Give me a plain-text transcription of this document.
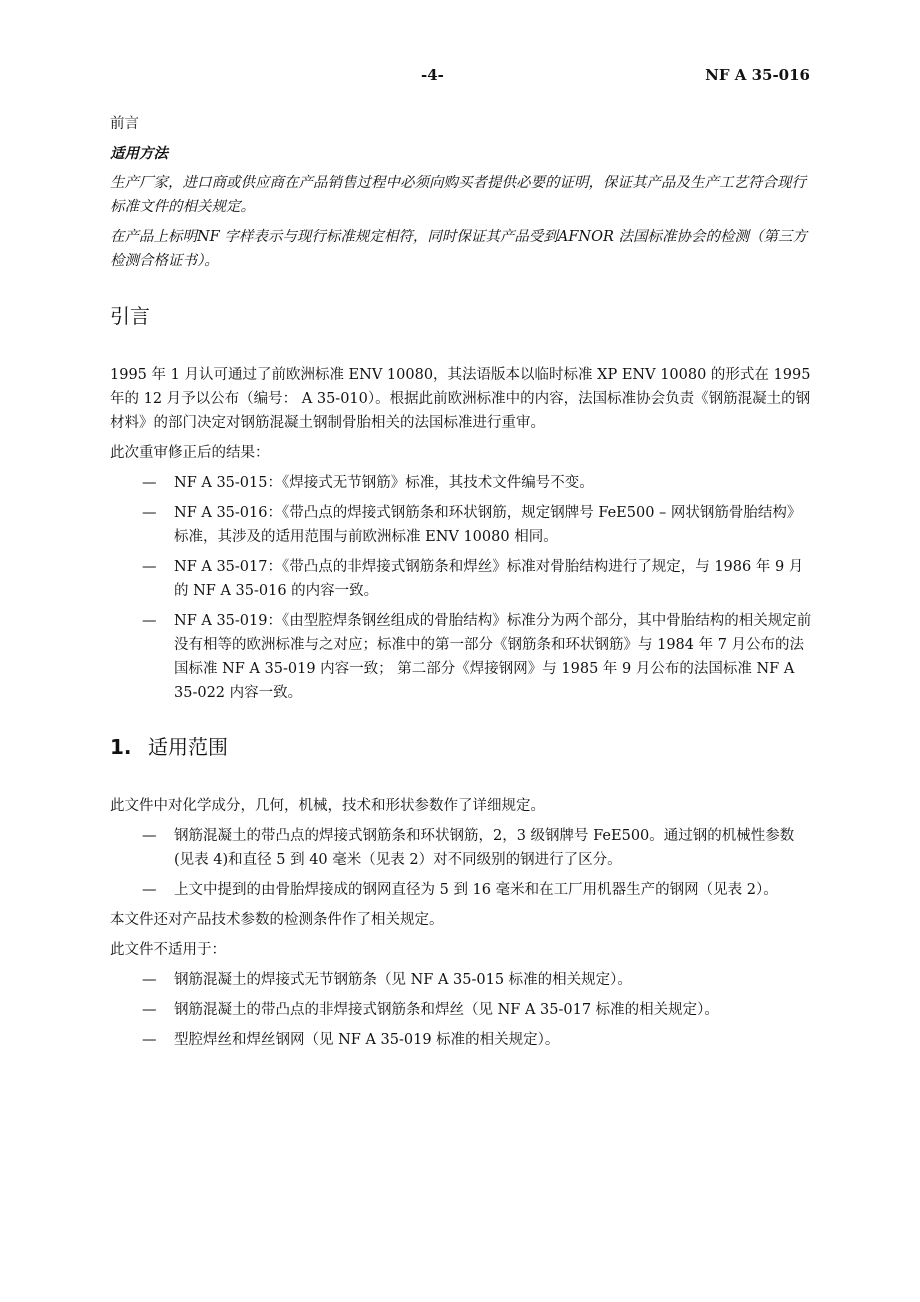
-4-	NF A 35-016

前言

适用方法

生产厂家，进口商或供应商在产品销售过程中必须向购买者提供必要的证明，保证其产品及生产工艺符合现行标准文件的相关规定。

在产品上标明NF 字样表示与现行标准规定相符，同时保证其产品受到AFNOR 法国标准协会的检测（第三方检测合格证书）。

引言

1995 年 1 月认可通过了前欧洲标准 ENV 10080，其法语版本以临时标准 XP ENV 10080 的形式在 1995 年的 12 月予以公布（编号： A 35-010）。根据此前欧洲标准中的内容，法国标准协会负责《钢筋混凝土的钢材料》的部门决定对钢筋混凝土钢制骨胎相关的法国标准进行重审。

此次重审修正后的结果：

— NF A 35-015：《焊接式无节钢筋》标准，其技术文件编号不变。
— NF A 35-016：《带凸点的焊接式钢筋条和环状钢筋，规定钢牌号 FeE500 – 网状钢筋骨胎结构》标准，其涉及的适用范围与前欧洲标准 ENV 10080 相同。
— NF A 35-017：《带凸点的非焊接式钢筋条和焊丝》标准对骨胎结构进行了规定，与 1986 年 9 月的 NF A 35-016 的内容一致。
— NF A 35-019：《由型腔焊条钢丝组成的骨胎结构》标准分为两个部分，其中骨胎结构的相关规定前没有相等的欧洲标准与之对应；标准中的第一部分《钢筋条和环状钢筋》与 1984 年 7 月公布的法国标准 NF A 35-019 内容一致； 第二部分《焊接钢网》与 1985 年 9 月公布的法国标准 NF A 35-022 内容一致。
1. 适用范围

此文件中对化学成分，几何，机械，技术和形状参数作了详细规定。

— 钢筋混凝土的带凸点的焊接式钢筋条和环状钢筋，2，3 级钢牌号 FeE500。通过钢的机械性参数(见表 4)和直径 5 到 40 毫米（见表 2）对不同级别的钢进行了区分。
— 上文中提到的由骨胎焊接成的钢网直径为 5 到 16 毫米和在工厂用机器生产的钢网（见表 2）。

本文件还对产品技术参数的检测条件作了相关规定。

此文件不适用于：

— 钢筋混凝土的焊接式无节钢筋条（见 NF A 35-015 标准的相关规定）。
— 钢筋混凝土的带凸点的非焊接式钢筋条和焊丝（见 NF A 35-017 标准的相关规定）。
— 型腔焊丝和焊丝钢网（见 NF A 35-019 标准的相关规定）。
